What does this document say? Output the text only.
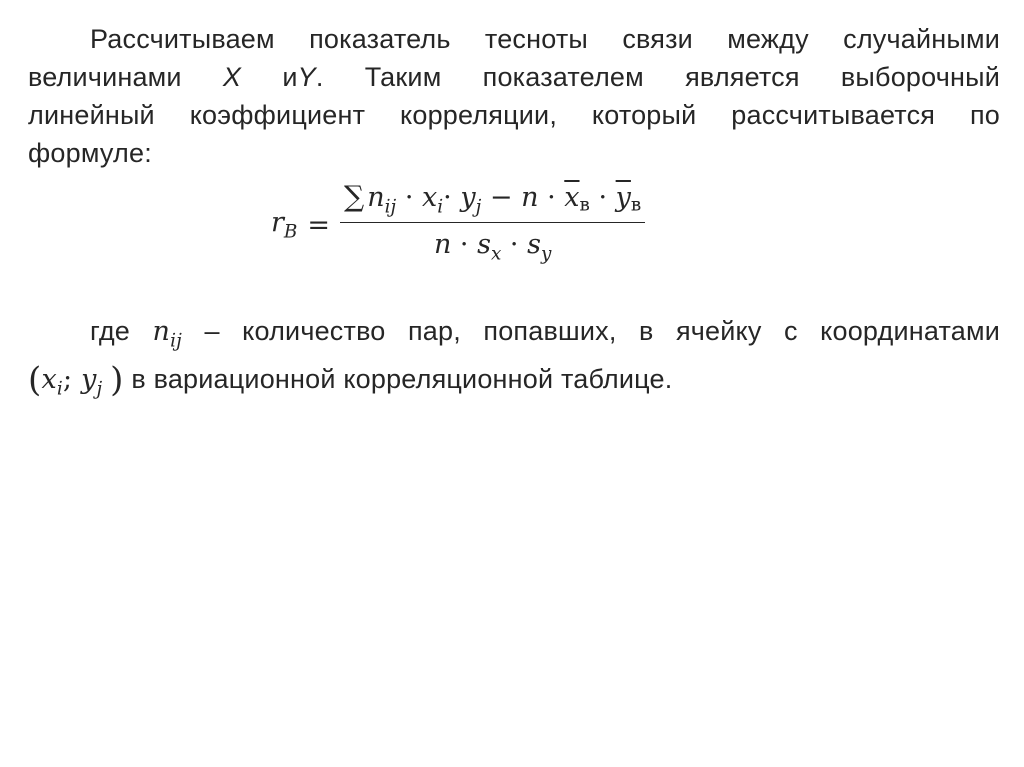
Рассчитываем показатель тесноты связи между случайными
величинами X иY. Таким показателем является выборочный
линейный коэффициент корреляции, который рассчитывается по
формуле:
$r_B = \frac{\sum n_{ij} \cdot x_i\cdot y_j - n \cdot \overline{x}в \cdot \overline{y}в}{n \cdot s_x \cdot s_y}$
где $n_{ij}$ – количество пар, попавших, в ячейку с координатами
($x_i$; $y_j$ ) в вариационной корреляционной таблице.
